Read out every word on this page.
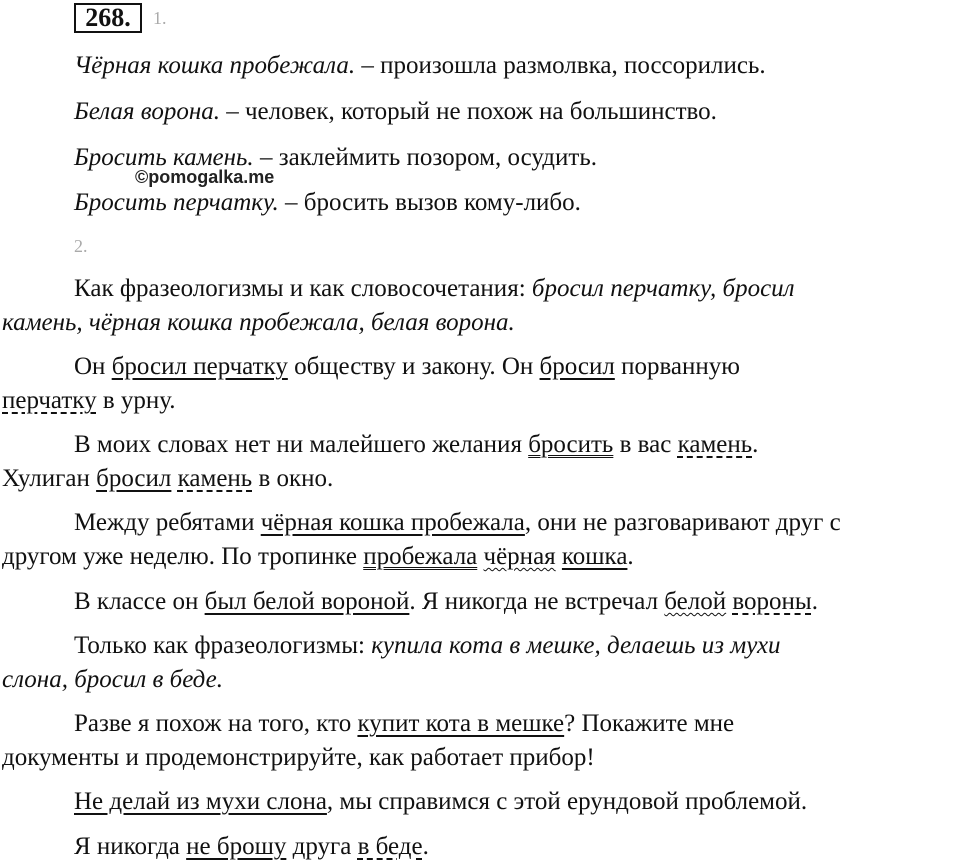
268.	1.
Чёрная кошка пробежала. – произошла размолвка, поссорились.
Белая ворона. – человек, который не похож на большинство.
Бросить камень. – заклеймить позором, осудить.
©pomogalka.me
Бросить перчатку. – бросить вызов кому-либо.
2.
Как фразеологизмы и как словосочетания: бросил перчатку, бросил
камень, чёрная кошка пробежала, белая ворона.
Он бросил перчатку обществу и закону. Он бросил порванную
перчатку в урну.
В моих словах нет ни малейшего желания бросить в вас камень.
Хулиган бросил камень в окно.
Между ребятами чёрная кошка пробежала, они не разговаривают друг с
другом уже неделю. По тропинке пробежала чёрная кошка.
В классе он был белой вороной. Я никогда не встречал белой вороны.
Только как фразеологизмы: купила кота в мешке, делаешь из мухи
слона, бросил в беде.
Разве я похож на того, кто купит кота в мешке? Покажите мне
документы и продемонстрируйте, как работает прибор!
Не делай из мухи слона, мы справимся с этой ерундовой проблемой.
Я никогда не брошу друга в беде.
